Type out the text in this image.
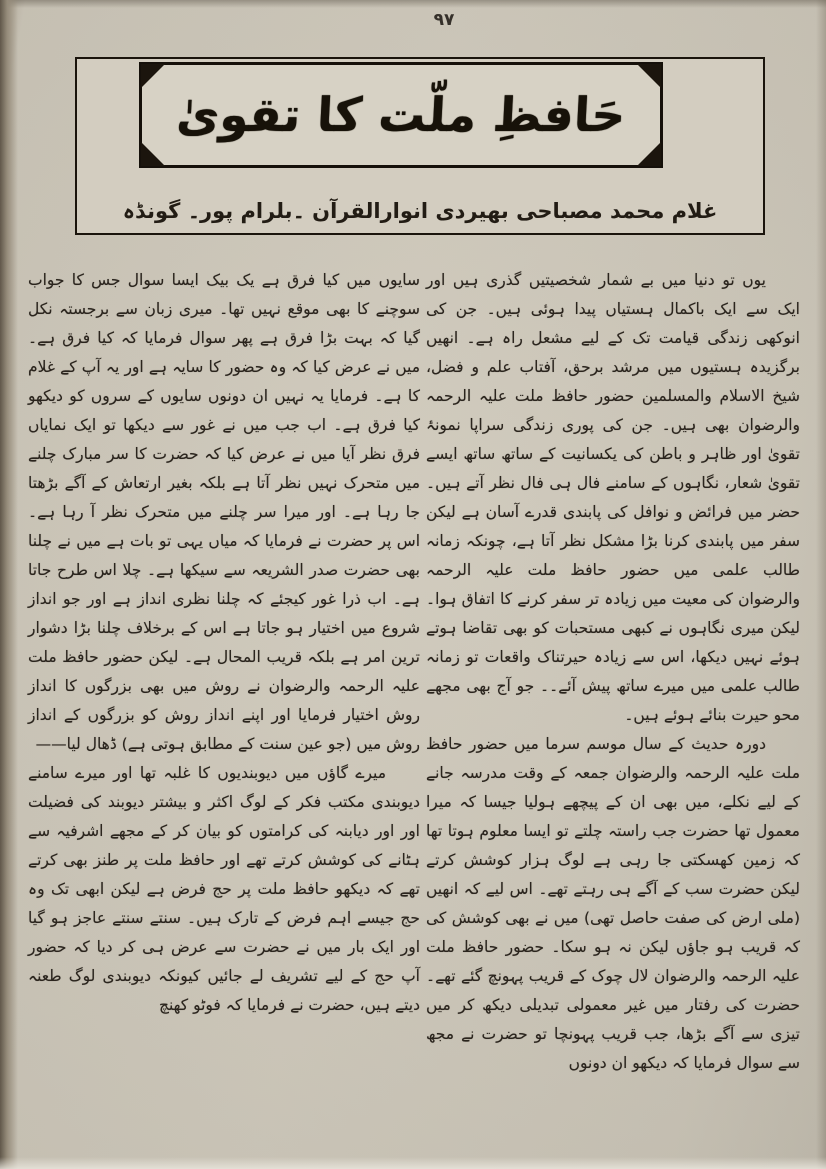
۹۷
حَافظِ ملّت کا تقویٰ
غلام محمد مصباحی بھیردی انوارالقرآن ۔بلرام پور۔ گونڈہ

یوں تو دنیا میں بے شمار شخصیتیں گذری ہیں اور ایک سے ایک باکمال ہستیاں پیدا ہوئی ہیں۔ جن کی انوکھی زندگی قیامت تک کے لیے مشعل راہ ہے۔ انھیں برگزیدہ ہستیوں میں مرشد برحق، آفتاب علم و فضل، شیخ الاسلام والمسلمین حضور حافظ ملت علیہ الرحمہ والرضوان بھی ہیں۔ جن کی پوری زندگی سراپا نمونۂ تقویٰ اور ظاہر و باطن کی یکسانیت کے ساتھ ساتھ ایسے تقویٰ شعار، نگاہوں کے سامنے فال ہی فال نظر آتے ہیں۔ حضر میں فرائض و نوافل کی پابندی قدرے آسان ہے لیکن سفر میں پابندی کرنا بڑا مشکل نظر آتا ہے، چونکہ زمانہ طالب علمی میں حضور حافظ ملت علیہ الرحمہ والرضوان کی معیت میں زیادہ تر سفر کرنے کا اتفاق ہوا۔ لیکن میری نگاہوں نے کبھی مستحبات کو بھی تقاضا ہوتے ہوئے نہیں دیکھا، اس سے زیادہ حیرتناک واقعات تو زمانہ طالب علمی میں میرے ساتھ پیش آئے۔۔ جو آج بھی مجھے محو حیرت بنائے ہوئے ہیں۔

دورہ حدیث کے سال موسم سرما میں حضور حافظ ملت علیہ الرحمہ والرضوان جمعہ کے وقت مدرسہ جانے کے لیے نکلے، میں بھی ان کے پیچھے ہولیا جیسا کہ میرا معمول تھا حضرت جب راستہ چلتے تو ایسا معلوم ہوتا تھا کہ زمین کھسکتی جا رہی ہے لوگ ہزار کوشش کرتے لیکن حضرت سب کے آگے ہی رہتے تھے۔ اس لیے کہ انھیں (ملی ارض کی صفت حاصل تھی) میں نے بھی کوشش کی کہ قریب ہو جاؤں لیکن نہ ہو سکا۔ حضور حافظ ملت علیہ الرحمہ والرضوان لال چوک کے قریب پہونچ گئے تھے۔ حضرت کی رفتار میں غیر معمولی تبدیلی دیکھ کر میں تیزی سے آگے بڑھا، جب قریب پہونچا تو حضرت نے مجھ سے سوال فرمایا کہ دیکھو ان دونوں

سایوں میں کیا فرق ہے یک بیک ایسا سوال جس کا جواب سوچنے کا بھی موقع نہیں تھا۔ میری زبان سے برجستہ نکل گیا کہ بہت بڑا فرق ہے پھر سوال فرمایا کہ کیا فرق ہے۔ میں نے عرض کیا کہ وہ حضور کا سایہ ہے اور یہ آپ کے غلام کا ہے۔ فرمایا یہ نہیں ان دونوں سایوں کے سروں کو دیکھو کیا فرق ہے۔ اب جب میں نے غور سے دیکھا تو ایک نمایاں فرق نظر آیا میں نے عرض کیا کہ حضرت کا سر مبارک چلنے میں متحرک نہیں نظر آتا ہے بلکہ بغیر ارتعاش کے آگے بڑھتا جا رہا ہے۔ اور میرا سر چلنے میں متحرک نظر آ رہا ہے۔ اس پر حضرت نے فرمایا کہ میاں یہی تو بات ہے میں نے چلنا بھی حضرت صدر الشریعہ سے سیکھا ہے۔ چلا اس طرح جاتا ہے۔ اب ذرا غور کیجئے کہ چلنا نظری انداز ہے اور جو انداز شروع میں اختیار ہو جاتا ہے اس کے برخلاف چلنا بڑا دشوار ترین امر ہے بلکہ قریب المحال ہے۔ لیکن حضور حافظ ملت علیہ الرحمہ والرضوان نے روش میں بھی بزرگوں کا انداز روش اختیار فرمایا اور اپنے انداز روش کو بزرگوں کے انداز روش میں (جو عین سنت کے مطابق ہوتی ہے) ڈھال لیا——

میرے گاؤں میں دیوبندیوں کا غلبہ تھا اور میرے سامنے دیوبندی مکتب فکر کے لوگ اکثر و بیشتر دیوبند کی فضیلت اور اور دیابنہ کی کرامتوں کو بیان کر کے مجھے اشرفیہ سے ہٹانے کی کوشش کرتے تھے اور حافظ ملت پر طنز بھی کرتے تھے کہ دیکھو حافظ ملت پر حج فرض ہے لیکن ابھی تک وہ حج جیسے اہم فرض کے تارک ہیں۔ سنتے سنتے عاجز ہو گیا اور ایک بار میں نے حضرت سے عرض ہی کر دیا کہ حضور آپ حج کے لیے تشریف لے جائیں کیونکہ دیوبندی لوگ طعنہ دیتے ہیں، حضرت نے فرمایا کہ فوٹو کھنچ
